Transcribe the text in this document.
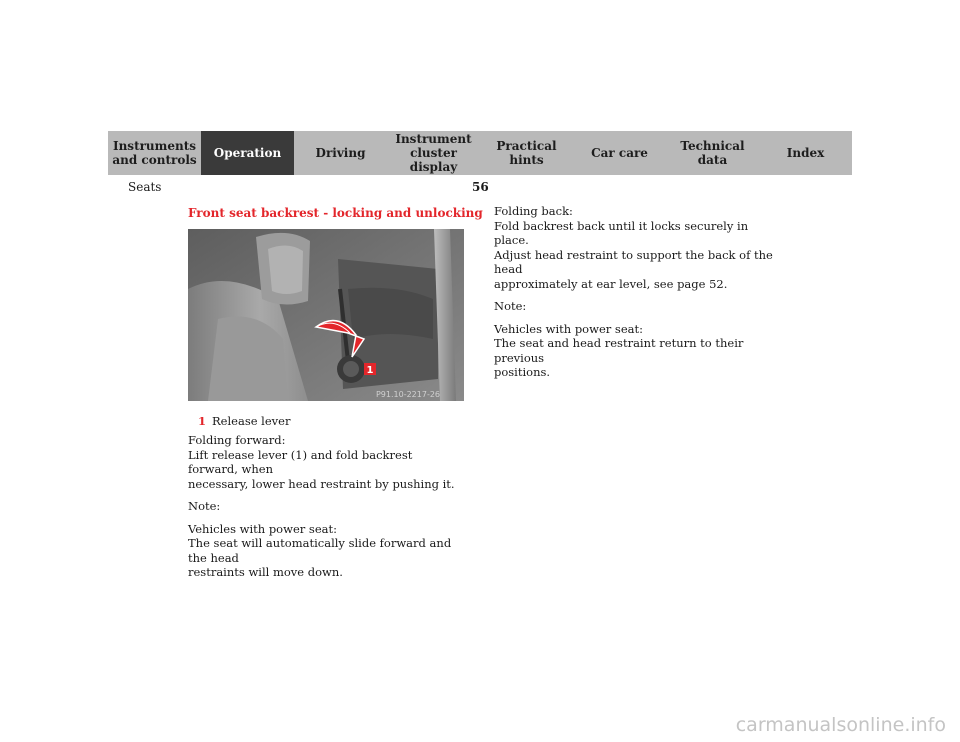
Instruments
and controls	Operation	Driving
Instrument
cluster display
Practical hints	Car care	Technical
data	Index
Seats	56
Front seat backrest - locking and unlocking
1
P91.10-2217-26
1 Release lever

Folding forward:
Lift release lever (1) and fold backrest forward, when
necessary, lower head restraint by pushing it.

Note:

Vehicles with power seat:
The seat will automatically slide forward and the head
restraints will move down.

Folding back:
Fold backrest back until it locks securely in place.
Adjust head restraint to support the back of the head
approximately at ear level, see page 52.

Note:

Vehicles with power seat:
The seat and head restraint return to their previous
positions.

carmanualsonline.info
